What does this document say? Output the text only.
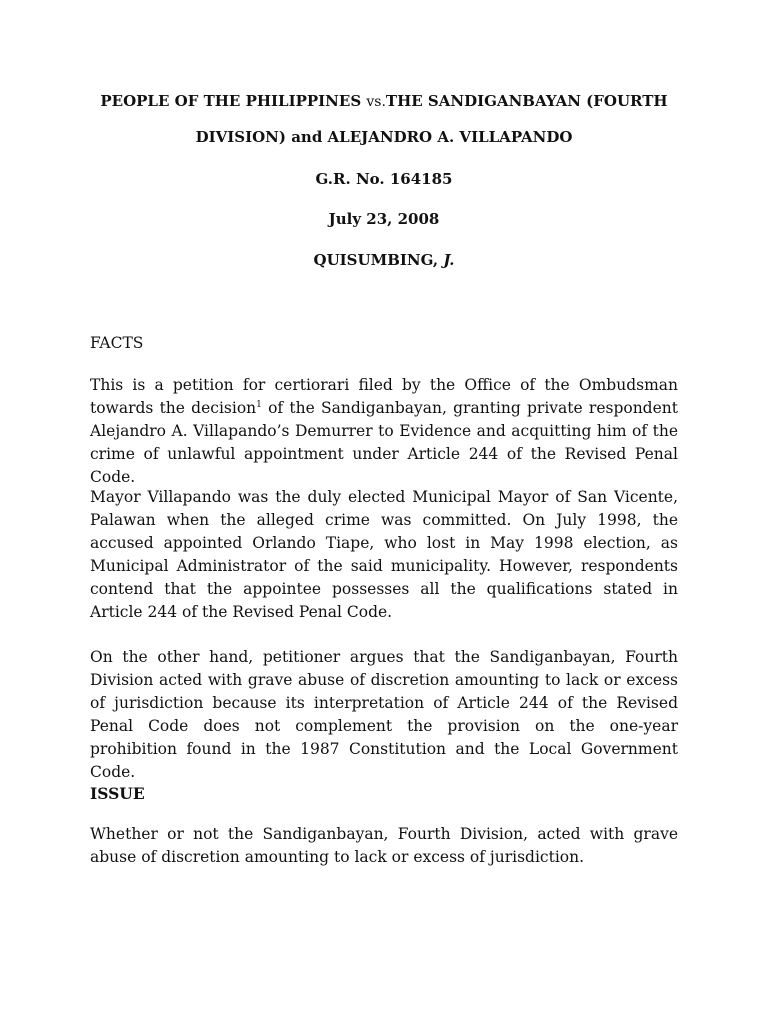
PEOPLE OF THE PHILIPPINES vs.THE SANDIGANBAYAN (FOURTH
DIVISION) and ALEJANDRO A. VILLAPANDO
G.R. No. 164185
July 23, 2008
QUISUMBING, J.
FACTS
This is a petition for certiorari filed by the Office of the Ombudsman towards the decision$^1$ of the Sandiganbayan, granting private respondent Alejandro A. Villapando’s Demurrer to Evidence and acquitting him of the crime of unlawful appointment under Article 244 of the Revised Penal Code.
Mayor Villapando was the duly elected Municipal Mayor of San Vicente, Palawan when the alleged crime was committed. On July 1998, the accused appointed Orlando Tiape, who lost in May 1998 election, as Municipal Administrator of the said municipality. However, respondents contend that the appointee possesses all the qualifications stated in Article 244 of the Revised Penal Code.
On the other hand, petitioner argues that the Sandiganbayan, Fourth Division acted with grave abuse of discretion amounting to lack or excess of jurisdiction because its interpretation of Article 244 of the Revised Penal Code does not complement the provision on the one-year prohibition found in the 1987 Constitution and the Local Government Code.
ISSUE
Whether or not the Sandiganbayan, Fourth Division, acted with grave abuse of discretion amounting to lack or excess of jurisdiction.
